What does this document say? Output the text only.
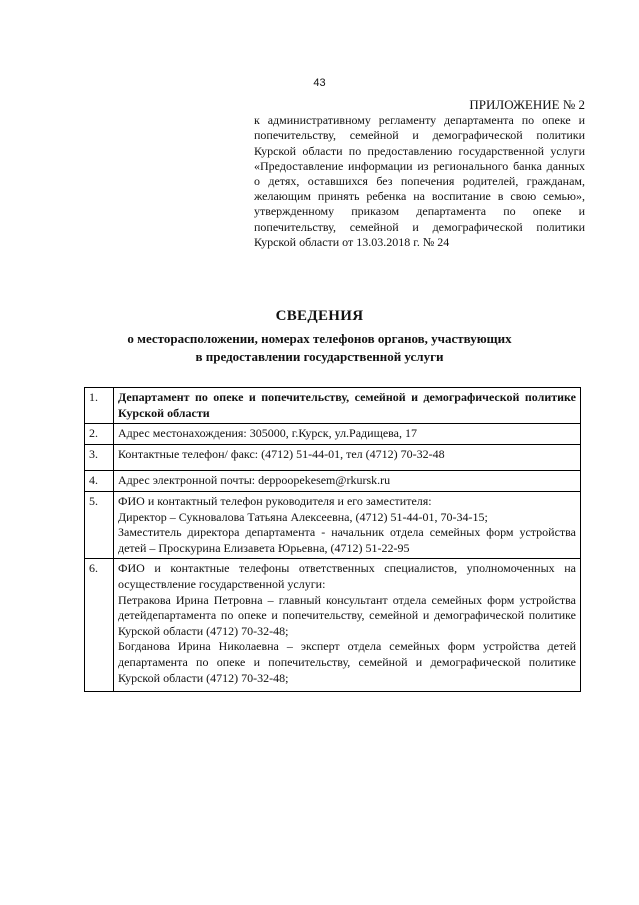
43
ПРИЛОЖЕНИЕ № 2
к административному регламенту департамента по опеке и попечительству, семейной и демографической политики Курской области по предоставлению государственной услуги «Предоставление информации из регионального банка данных о детях, оставшихся без попечения родителей, гражданам, желающим принять ребенка на воспитание в свою семью», утвержденному приказом департамента по опеке и попечительству, семейной и демографической политики Курской области от 13.03.2018 г. № 24
СВЕДЕНИЯ
о месторасположении, номерах телефонов органов, участвующих
в предоставлении государственной услуги
1.	Департамент по опеке и попечительству, семейной и демографической политике Курской области

2.	Адрес местонахождения: 305000, г.Курск, ул.Радищева, 17

3.	Контактные телефон/ факс: (4712) 51-44-01, тел (4712) 70-32-48

4.	Адрес электронной почты: deppoopekesem@rkursk.ru

5.	ФИО и контактный телефон руководителя и его заместителя:
Директор – Сукновалова Татьяна Алексеевна, (4712) 51-44-01, 70-34-15;
Заместитель директора департамента - начальник отдела семейных форм устройства детей – Проскурина Елизавета Юрьевна, (4712) 51-22-95

6.	ФИО и контактные телефоны ответственных специалистов, уполномоченных на осуществление государственной услуги:
Петракова Ирина Петровна – главный консультант отдела семейных форм устройства детейдепартамента по опеке и попечительству, семейной и демографической политике Курской области (4712) 70-32-48;
Богданова Ирина Николаевна – эксперт отдела семейных форм устройства детей департамента по опеке и попечительству, семейной и демографической политике Курской области (4712) 70-32-48;
